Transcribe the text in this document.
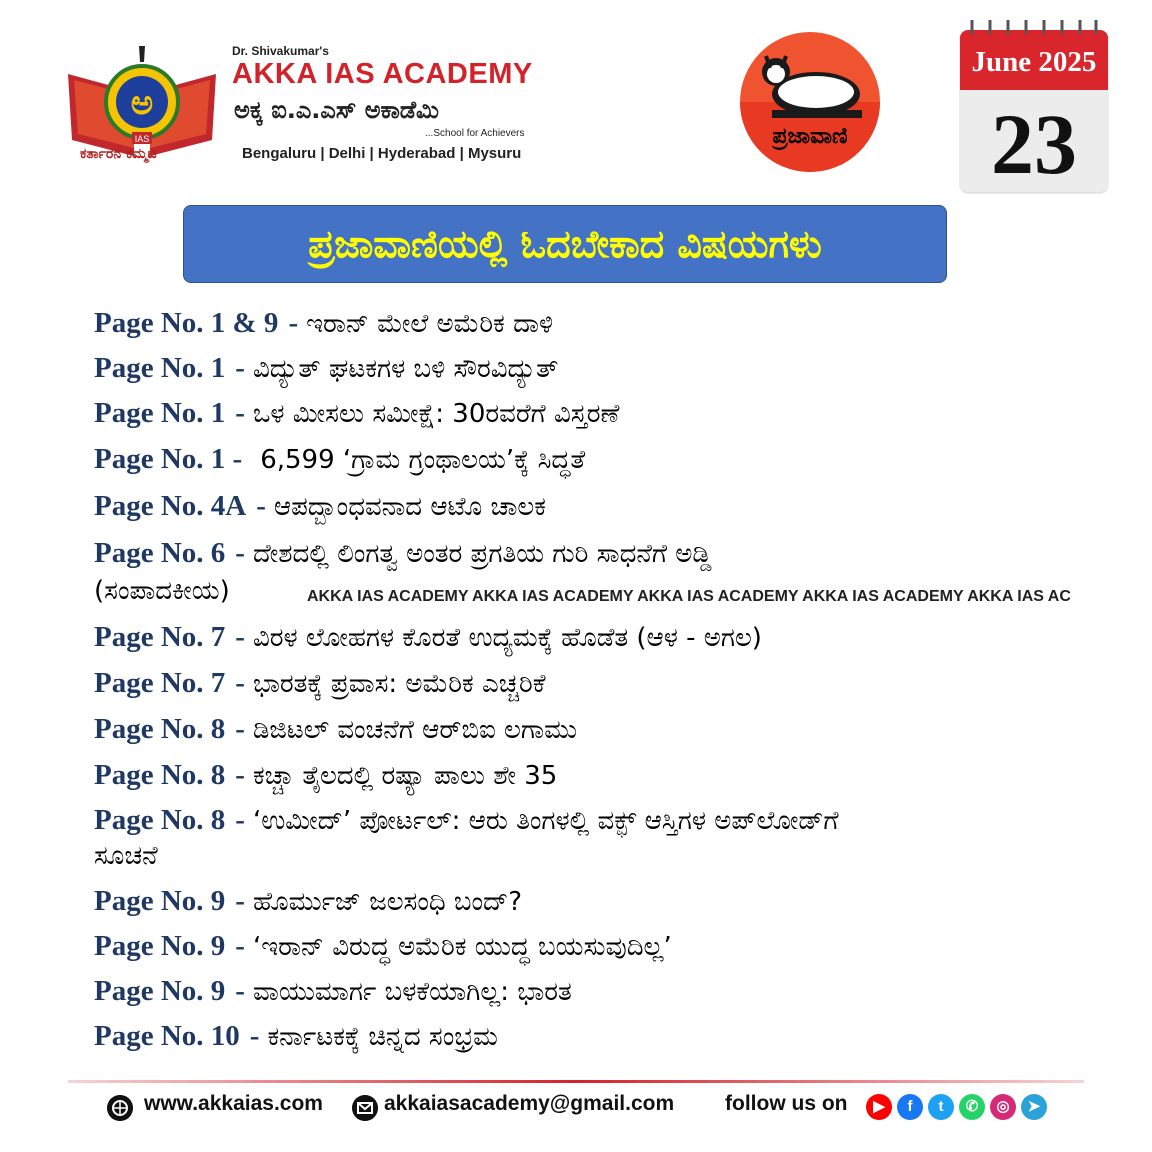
ಅ
IAS
ಕರ್ತಾರನ ಕಮ್ಮಟ
Dr. Shivakumar's
AKKA IAS ACADEMY
ಅಕ್ಕ ಐ.ಎ.ಎಸ್ ಅಕಾಡೆಮಿ
...School for Achievers
Bengaluru | Delhi | Hyderabad | Mysuru
ಪ್ರಜಾವಾಣಿ
June 2025
23
ಪ್ರಜಾವಾಣಿಯಲ್ಲಿ ಓದಬೇಕಾದ ವಿಷಯಗಳು
Page No. 1 & 9 - ಇರಾನ್ ಮೇಲೆ ಅಮೆರಿಕ ದಾಳಿ
Page No. 1 - ವಿದ್ಯುತ್ ಘಟಕಗಳ ಬಳಿ ಸೌರವಿದ್ಯುತ್
Page No. 1 - ಒಳ ಮೀಸಲು ಸಮೀಕ್ಷೆ: 30ರವರೆಗೆ ವಿಸ್ತರಣೆ
Page No. 1 - 6,599 ‘ಗ್ರಾಮ ಗ್ರಂಥಾಲಯ’ಕ್ಕೆ ಸಿದ್ಧತೆ
Page No. 4A - ಆಪದ್ಬಾಂಧವನಾದ ಆಟೊ ಚಾಲಕ
Page No. 6 - ದೇಶದಲ್ಲಿ ಲಿಂಗತ್ವ ಅಂತರ ಪ್ರಗತಿಯ ಗುರಿ ಸಾಧನೆಗೆ ಅಡ್ಡಿ
(ಸಂಪಾದಕೀಯ)	AKKA IAS ACADEMY AKKA IAS ACADEMY AKKA IAS ACADEMY AKKA IAS ACADEMY AKKA IAS AC
Page No. 7 - ವಿರಳ ಲೋಹಗಳ ಕೊರತೆ ಉದ್ಯಮಕ್ಕೆ ಹೊಡೆತ (ಆಳ - ಅಗಲ)
Page No. 7 - ಭಾರತಕ್ಕೆ ಪ್ರವಾಸ: ಅಮೆರಿಕ ಎಚ್ಚರಿಕೆ
Page No. 8 - ಡಿಜಿಟಲ್ ವಂಚನೆಗೆ ಆರ್‌ಬಿಐ ಲಗಾಮು
Page No. 8 - ಕಚ್ಚಾ ತೈಲದಲ್ಲಿ ರಷ್ಯಾ ಪಾಲು ಶೇ 35
Page No. 8 - ‘ಉಮೀದ್’ ಪೋರ್ಟಲ್: ಆರು ತಿಂಗಳಲ್ಲಿ ವಕ್ಫ್ ಆಸ್ತಿಗಳ ಅಪ್‌ಲೋಡ್‌ಗೆ
ಸೂಚನೆ
Page No. 9 - ಹೊರ್ಮುಜ್ ಜಲಸಂಧಿ ಬಂದ್?
Page No. 9 - ‘ಇರಾನ್ ವಿರುದ್ಧ ಅಮೆರಿಕ ಯುದ್ಧ ಬಯಸುವುದಿಲ್ಲ’
Page No. 9 - ವಾಯುಮಾರ್ಗ ಬಳಕೆಯಾಗಿಲ್ಲ: ಭಾರತ
Page No. 10 - ಕರ್ನಾಟಕಕ್ಕೆ ಚಿನ್ನದ ಸಂಭ್ರಮ
www.akkaias.com	akkaiasacademy@gmail.com follow us on	▶	f	t	✆	◎	➤
